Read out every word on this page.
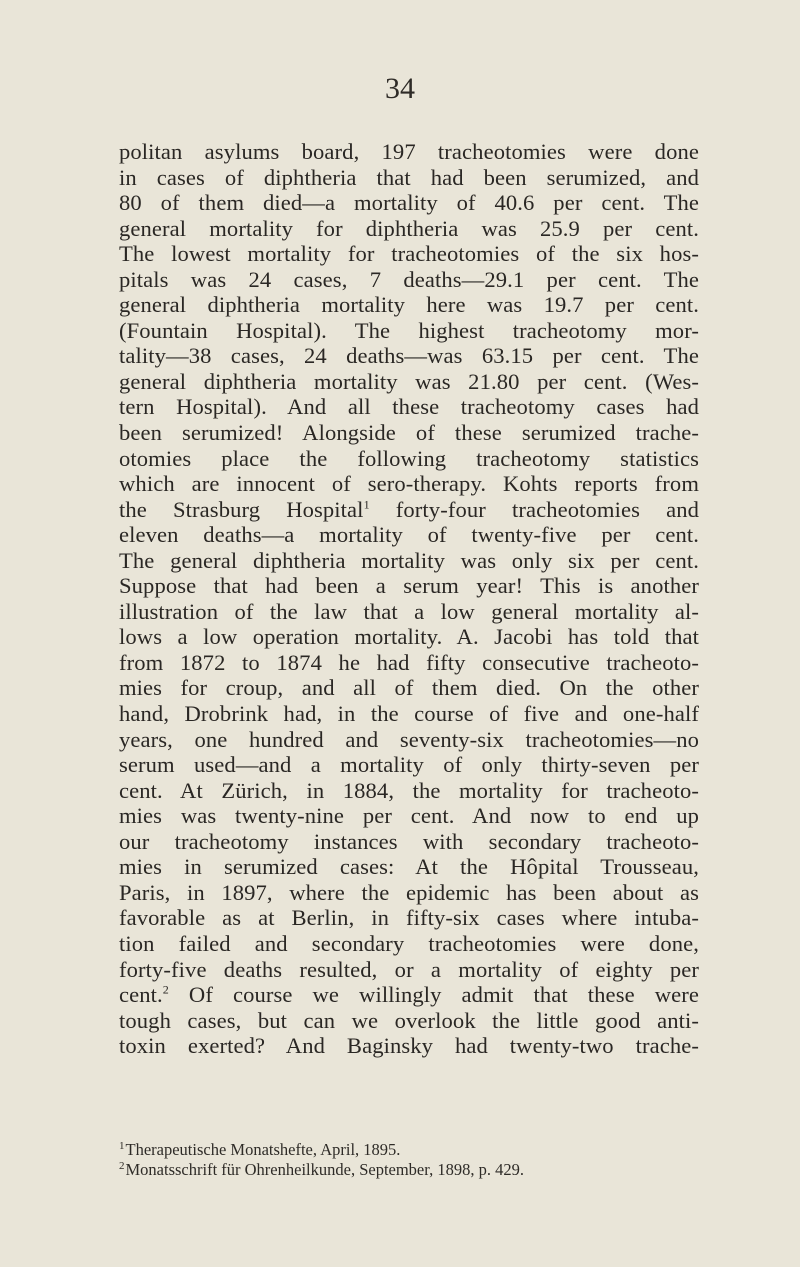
34
politan asylums board, 197 tracheotomies were done
in cases of diphtheria that had been serumized, and
80 of them died—a mortality of 40.6 per cent. The
general mortality for diphtheria was 25.9 per cent.
The lowest mortality for tracheotomies of the six hos-
pitals was 24 cases, 7 deaths—29.1 per cent. The
general diphtheria mortality here was 19.7 per cent.
(Fountain Hospital). The highest tracheotomy mor-
tality—38 cases, 24 deaths—was 63.15 per cent. The
general diphtheria mortality was 21.80 per cent. (Wes-
tern Hospital). And all these tracheotomy cases had
been serumized! Alongside of these serumized trache-
otomies place the following tracheotomy statistics
which are innocent of sero-therapy. Kohts reports from
the Strasburg Hospital$^1$ forty-four tracheotomies and
eleven deaths—a mortality of twenty-five per cent.
The general diphtheria mortality was only six per cent.
Suppose that had been a serum year! This is another
illustration of the law that a low general mortality al-
lows a low operation mortality. A. Jacobi has told that
from 1872 to 1874 he had fifty consecutive tracheoto-
mies for croup, and all of them died. On the other
hand, Drobrink had, in the course of five and one-half
years, one hundred and seventy-six tracheotomies—no
serum used—and a mortality of only thirty-seven per
cent. At Zürich, in 1884, the mortality for tracheoto-
mies was twenty-nine per cent. And now to end up
our tracheotomy instances with secondary tracheoto-
mies in serumized cases: At the Hôpital Trousseau,
Paris, in 1897, where the epidemic has been about as
favorable as at Berlin, in fifty-six cases where intuba-
tion failed and secondary tracheotomies were done,
forty-five deaths resulted, or a mortality of eighty per
cent.$^2$ Of course we willingly admit that these were
tough cases, but can we overlook the little good anti-
toxin exerted? And Baginsky had twenty-two trache-
$^1$Therapeutische Monatshefte, April, 1895.
$^2$Monatsschrift für Ohrenheilkunde, September, 1898, p. 429.
